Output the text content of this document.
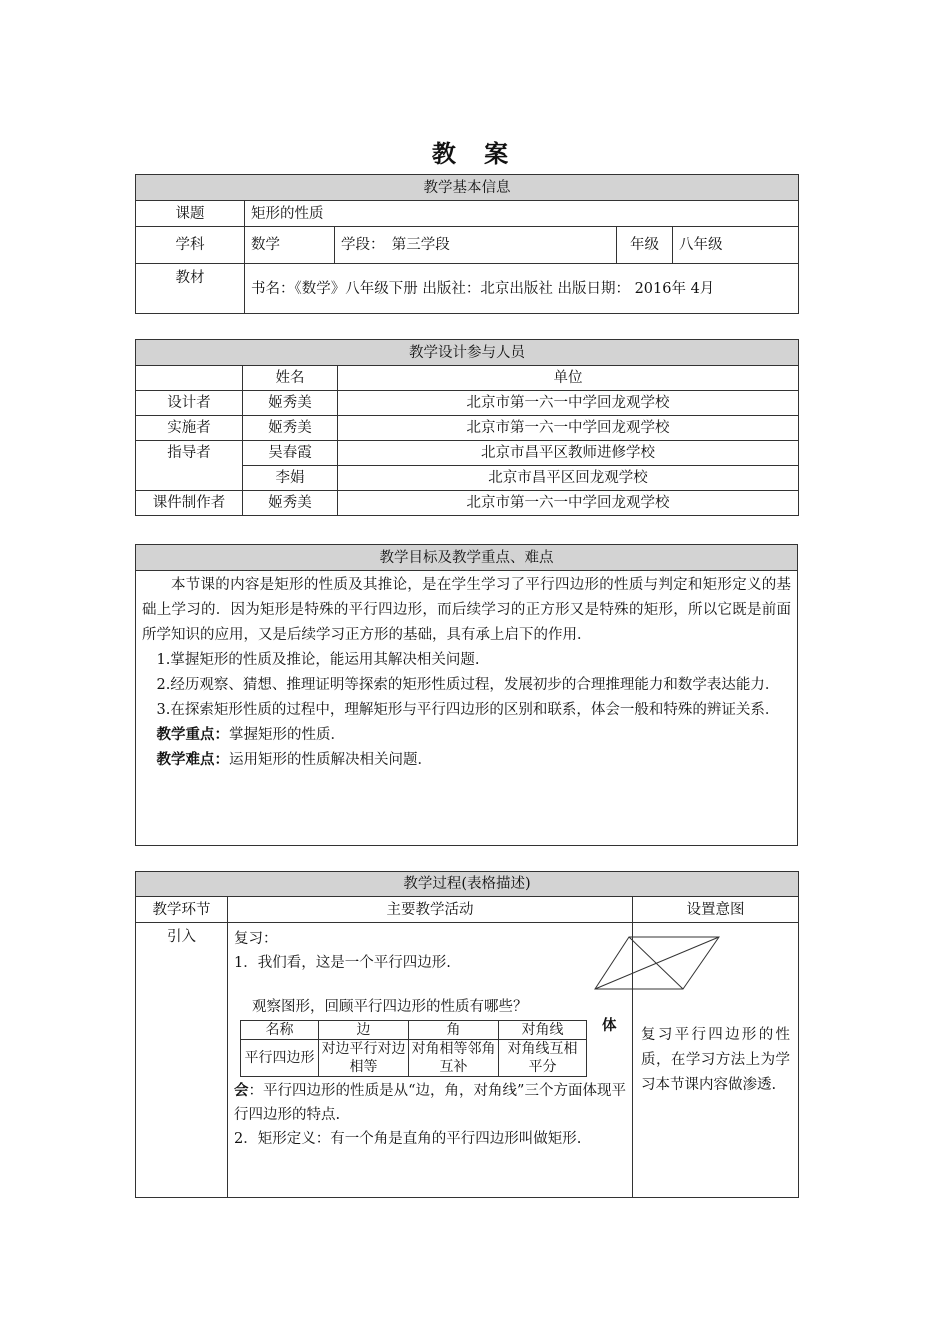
教 案
教学基本信息				
课题	矩形的性质			
学科	数学	学段：　第三学段	年级	八年级
教材	书名：《数学》八年级下册 出版社：北京出版社 出版日期： 2016年 4月			
教学设计参与人员		
	姓名	单位
设计者	姬秀美	北京市第一六一中学回龙观学校
实施者	姬秀美	北京市第一六一中学回龙观学校
指导者	吴春霞	北京市昌平区教师进修学校
	李娟	北京市昌平区回龙观学校
课件制作者	姬秀美	北京市第一六一中学回龙观学校
教学目标及教学重点、难点

本节课的内容是矩形的性质及其推论，是在学生学习了平行四边形的性质与判定和矩形定义的基础上学习的．因为矩形是特殊的平行四边形，而后续学习的正方形又是特殊的矩形，所以它既是前面所学知识的应用，又是后续学习正方形的基础，具有承上启下的作用．

1.掌握矩形的性质及推论，能运用其解决相关问题.

2.经历观察、猜想、推理证明等探索的矩形性质过程，发展初步的合理推理能力和数学表达能力．

3.在探索矩形性质的过程中，理解矩形与平行四边形的区别和联系，体会一般和特殊的辨证关系．

教学重点：掌握矩形的性质．

教学难点：运用矩形的性质解决相关问题．

教学过程(表格描述)
教学环节	主要教学活动	设置意图
引入	复习：
1．我们看，这是一个平行四边形.
观察图形，回顾平行四边形的性质有哪些？
名称	边	角	对角线
平行四边形	对边平行对边相等	对角相等邻角互补	对角线互相平分
体
会：平行四边形的性质是从“边，角，对角线”三个方面体现平行四边形的特点.
2．矩形定义：有一个角是直角的平行四边形叫做矩形.
	复习平行四边形的性质，在学习方法上为学习本节课内容做渗透.
